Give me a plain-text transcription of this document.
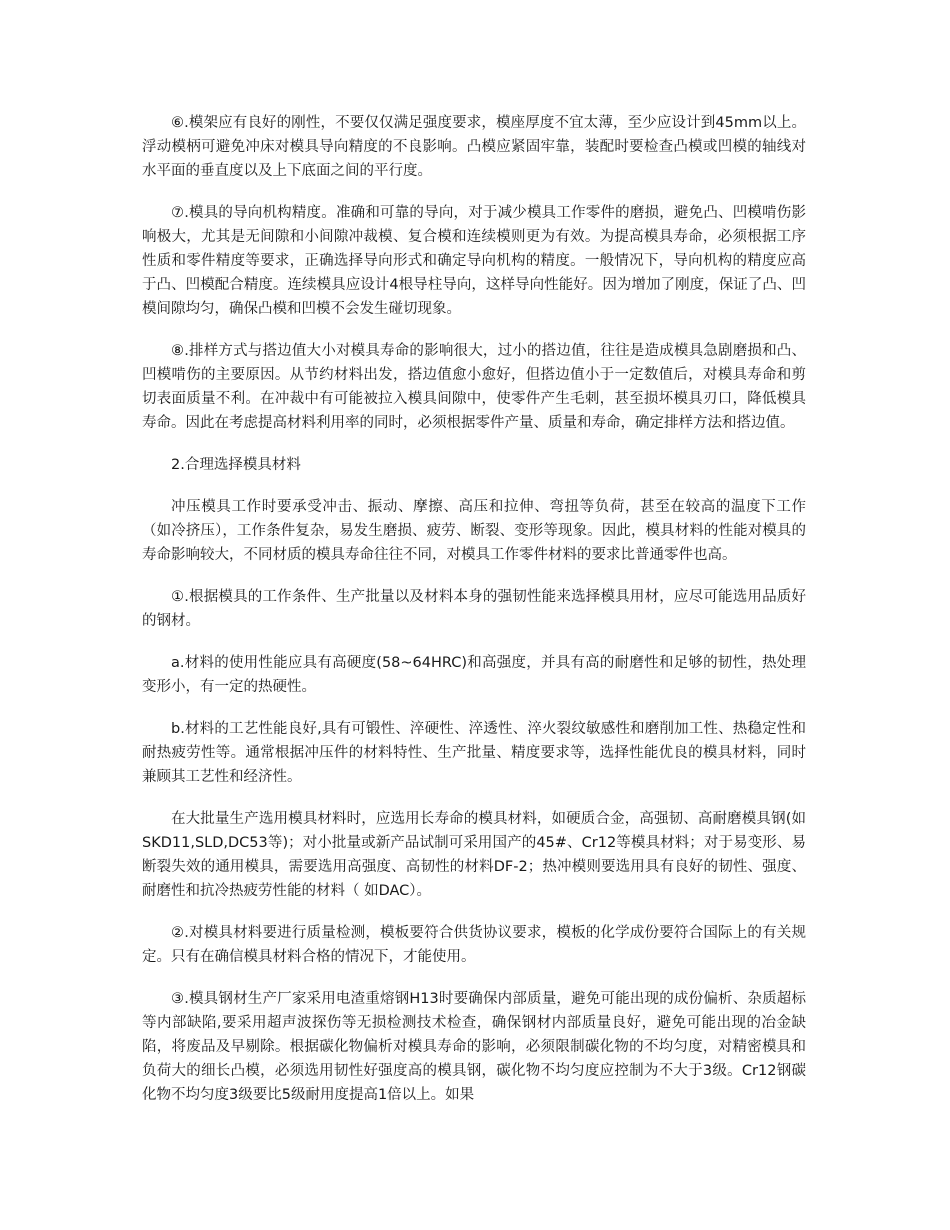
⑥.模架应有良好的刚性，不要仅仅满足强度要求，模座厚度不宜太薄，至少应设计到45mm以上。浮动模柄可避免冲床对模具导向精度的不良影响。凸模应紧固牢靠，装配时要检查凸模或凹模的轴线对水平面的垂直度以及上下底面之间的平行度。

⑦.模具的导向机构精度。准确和可靠的导向，对于减少模具工作零件的磨损，避免凸、凹模啃伤影响极大，尤其是无间隙和小间隙冲裁模、复合模和连续模则更为有效。为提高模具寿命，必须根据工序性质和零件精度等要求，正确选择导向形式和确定导向机构的精度。一般情况下，导向机构的精度应高于凸、凹模配合精度。连续模具应设计4根导柱导向，这样导向性能好。因为增加了刚度，保证了凸、凹模间隙均匀，确保凸模和凹模不会发生碰切现象。

⑧.排样方式与搭边值大小对模具寿命的影响很大，过小的搭边值，往往是造成模具急剧磨损和凸、凹模啃伤的主要原因。从节约材料出发，搭边值愈小愈好，但搭边值小于一定数值后，对模具寿命和剪切表面质量不利。在冲裁中有可能被拉入模具间隙中，使零件产生毛刺，甚至损坏模具刃口，降低模具寿命。因此在考虑提高材料利用率的同时，必须根据零件产量、质量和寿命，确定排样方法和搭边值。

2.合理选择模具材料

冲压模具工作时要承受冲击、振动、摩擦、高压和拉伸、弯扭等负荷，甚至在较高的温度下工作（如冷挤压），工作条件复杂，易发生磨损、疲劳、断裂、变形等现象。因此，模具材料的性能对模具的寿命影响较大，不同材质的模具寿命往往不同，对模具工作零件材料的要求比普通零件也高。

①.根据模具的工作条件、生产批量以及材料本身的强韧性能来选择模具用材，应尽可能选用品质好的钢材。

a.材料的使用性能应具有高硬度(58~64HRC)和高强度，并具有高的耐磨性和足够的韧性，热处理变形小，有一定的热硬性。

b.材料的工艺性能良好,具有可锻性、淬硬性、淬透性、淬火裂纹敏感性和磨削加工性、热稳定性和耐热疲劳性等。通常根据冲压件的材料特性、生产批量、精度要求等，选择性能优良的模具材料，同时兼顾其工艺性和经济性。

在大批量生产选用模具材料时，应选用长寿命的模具材料，如硬质合金，高强韧、高耐磨模具钢(如SKD11,SLD,DC53等)；对小批量或新产品试制可采用国产的45#、Cr12等模具材料；对于易变形、易断裂失效的通用模具，需要选用高强度、高韧性的材料DF-2；热冲模则要选用具有良好的韧性、强度、耐磨性和抗冷热疲劳性能的材料（ 如DAC）。

②.对模具材料要进行质量检测，模板要符合供货协议要求，模板的化学成份要符合国际上的有关规定。只有在确信模具材料合格的情况下，才能使用。

③.模具钢材生产厂家采用电渣重熔钢H13时要确保内部质量，避免可能出现的成份偏析、杂质超标等内部缺陷,要采用超声波探伤等无损检测技术检查，确保钢材内部质量良好，避免可能出现的冶金缺陷，将废品及早剔除。根据碳化物偏析对模具寿命的影响，必须限制碳化物的不均匀度，对精密模具和负荷大的细长凸模，必须选用韧性好强度高的模具钢，碳化物不均匀度应控制为不大于3级。Cr12钢碳化物不均匀度3级要比5级耐用度提高1倍以上。如果
